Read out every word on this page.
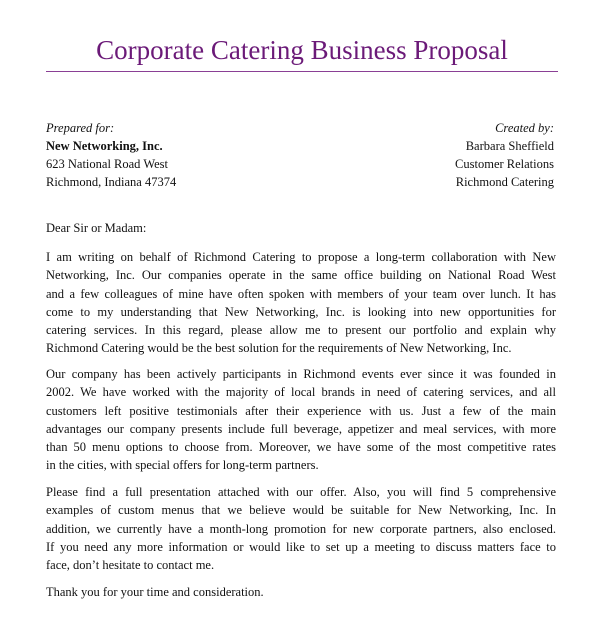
Corporate Catering Business Proposal
Prepared for:
New Networking, Inc.
623 National Road West
Richmond, Indiana 47374
Created by:
Barbara Sheffield
Customer Relations
Richmond Catering
Dear Sir or Madam:
I am writing on behalf of Richmond Catering to propose a long-term collaboration with New
Networking, Inc. Our companies operate in the same office building on National Road West
and a few colleagues of mine have often spoken with members of your team over lunch. It has
come to my understanding that New Networking, Inc. is looking into new opportunities for
catering services. In this regard, please allow me to present our portfolio and explain why
Richmond Catering would be the best solution for the requirements of New Networking, Inc.
Our company has been actively participants in Richmond events ever since it was founded in
2002. We have worked with the majority of local brands in need of catering services, and all
customers left positive testimonials after their experience with us. Just a few of the main
advantages our company presents include full beverage, appetizer and meal services, with more
than 50 menu options to choose from. Moreover, we have some of the most competitive rates
in the cities, with special offers for long-term partners.
Please find a full presentation attached with our offer. Also, you will find 5 comprehensive
examples of custom menus that we believe would be suitable for New Networking, Inc. In
addition, we currently have a month-long promotion for new corporate partners, also enclosed.
If you need any more information or would like to set up a meeting to discuss matters face to
face, don’t hesitate to contact me.
Thank you for your time and consideration.
